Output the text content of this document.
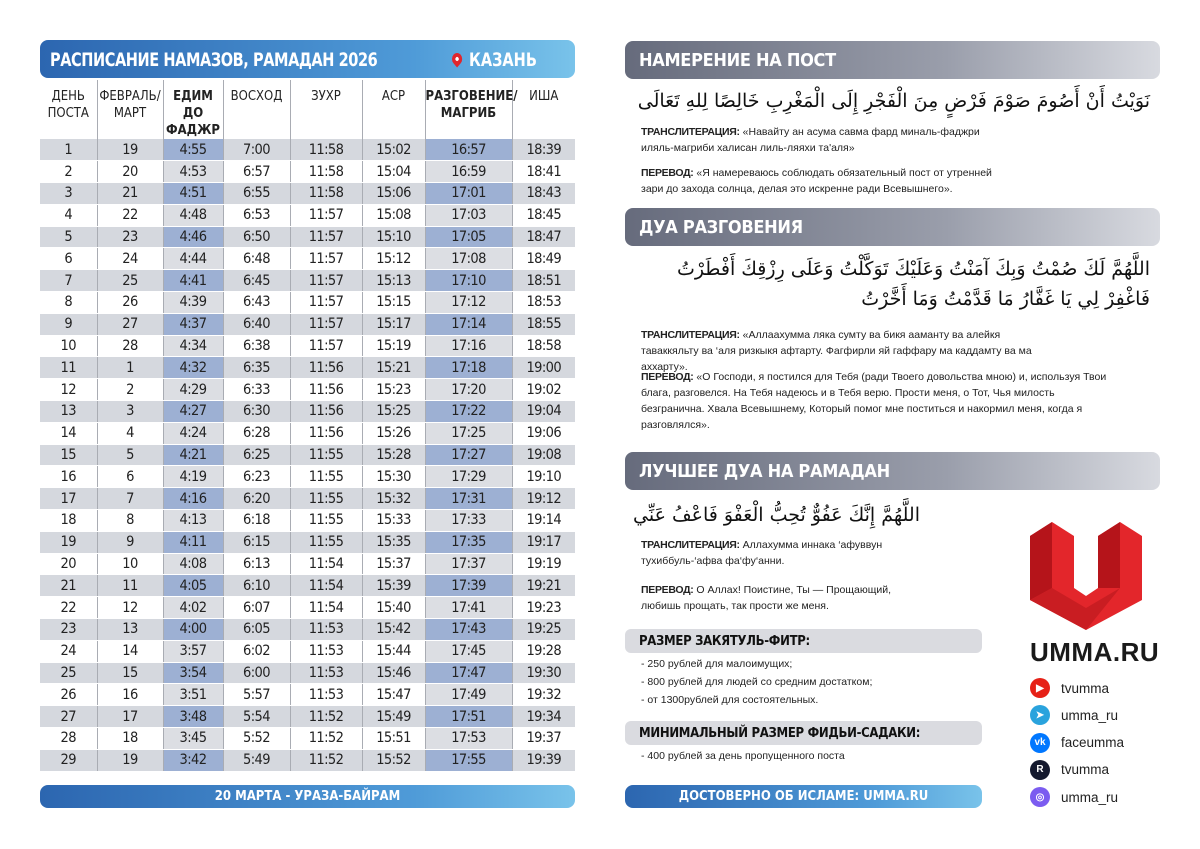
РАСПИСАНИЕ НАМАЗОВ, РАМАДАН 2026	КАЗАНЬ
ДЕНЬ ПОСТА	ФЕВРАЛЬ/ МАРТ	ЕДИМ ДО ФАДЖР	ВОСХОД	ЗУХР	АСР	РАЗГОВЕНИЕ/ МАГРИБ	ИША
1	19	4:55	7:00	11:58	15:02	16:57	18:39
2	20	4:53	6:57	11:58	15:04	16:59	18:41
3	21	4:51	6:55	11:58	15:06	17:01	18:43
4	22	4:48	6:53	11:57	15:08	17:03	18:45
5	23	4:46	6:50	11:57	15:10	17:05	18:47
6	24	4:44	6:48	11:57	15:12	17:08	18:49
7	25	4:41	6:45	11:57	15:13	17:10	18:51
8	26	4:39	6:43	11:57	15:15	17:12	18:53
9	27	4:37	6:40	11:57	15:17	17:14	18:55
10	28	4:34	6:38	11:57	15:19	17:16	18:58
11	1	4:32	6:35	11:56	15:21	17:18	19:00
12	2	4:29	6:33	11:56	15:23	17:20	19:02
13	3	4:27	6:30	11:56	15:25	17:22	19:04
14	4	4:24	6:28	11:56	15:26	17:25	19:06
15	5	4:21	6:25	11:55	15:28	17:27	19:08
16	6	4:19	6:23	11:55	15:30	17:29	19:10
17	7	4:16	6:20	11:55	15:32	17:31	19:12
18	8	4:13	6:18	11:55	15:33	17:33	19:14
19	9	4:11	6:15	11:55	15:35	17:35	19:17
20	10	4:08	6:13	11:54	15:37	17:37	19:19
21	11	4:05	6:10	11:54	15:39	17:39	19:21
22	12	4:02	6:07	11:54	15:40	17:41	19:23
23	13	4:00	6:05	11:53	15:42	17:43	19:25
24	14	3:57	6:02	11:53	15:44	17:45	19:28
25	15	3:54	6:00	11:53	15:46	17:47	19:30
26	16	3:51	5:57	11:53	15:47	17:49	19:32
27	17	3:48	5:54	11:52	15:49	17:51	19:34
28	18	3:45	5:52	11:52	15:51	17:53	19:37
29	19	3:42	5:49	11:52	15:52	17:55	19:39
20 МАРТА - УРАЗА-БАЙРАМ
НАМЕРЕНИЕ НА ПОСТ
نَوَيْتُ أَنْ أَصُومَ صَوْمَ فَرْضٍ مِنَ الْفَجْرِ إِلَى الْمَغْرِبِ خَالِصًا لِلهِ تَعَالَى
ТРАНСЛИТЕРАЦИЯ: «Навайту ан асума савма фард миналь-фаджри иляль-магриби халисан лиль-ляяхи та'аля»
ПЕРЕВОД: «Я намереваюсь соблюдать обязательный пост от утренней зари до захода солнца, делая это искренне ради Всевышнего».
ДУА РАЗГОВЕНИЯ
اللَّهُمَّ لَكَ صُمْتُ وَبِكَ آمَنْتُ وَعَلَيْكَ تَوَكَّلْتُ وَعَلَى رِزْقِكَ أَفْطَرْتُ فَاغْفِرْ لِي يَا غَفَّارُ مَا قَدَّمْتُ وَمَا أَخَّرْتُ
ТРАНСЛИТЕРАЦИЯ: «Аллаахумма ляка сумту ва бикя aаманту ва алейкя таваккяльту ва ‘аля ризкыкя афтарту. Фагфирли яй гаффару ма каддамту ва ма аххарту».
ПЕРЕВОД: «О Господи, я постился для Тебя (ради Твоего довольства мною) и, используя Твои блага, разговелся. На Тебя надеюсь и в Тебя верю. Прости меня, о Тот, Чья милость безгранична. Хвала Всевышнему, Который помог мне поститься и накормил меня, когда я разговлялся».
ЛУЧШЕЕ ДУА НА РАМАДАН
اللَّهُمَّ إِنَّكَ عَفُوٌّ تُحِبُّ الْعَفْوَ فَاعْفُ عَنِّي
ТРАНСЛИТЕРАЦИЯ: Аллахумма иннака ‘афуввун тухиббуль-‘афва фа‘фу‘анни.
ПЕРЕВОД: О Аллах! Поистине, Ты — Прощающий, любишь прощать, так прости же меня.
РАЗМЕР ЗАКЯТУЛЬ-ФИТР:
- 250 рублей для малоимущих;
- 800 рублей для людей со средним достатком;
- от 1300рублей для состоятельных.
МИНИМАЛЬНЫЙ РАЗМЕР ФИДЬИ-САДАКИ:
- 400 рублей за день пропущенного поста
ДОСТОВЕРНО ОБ ИСЛАМЕ: UMMA.RU
UMMA.RU
▶	tvumma
➤	umma_ru
vk	faceumma
R	tvumma
◎	umma_ru
